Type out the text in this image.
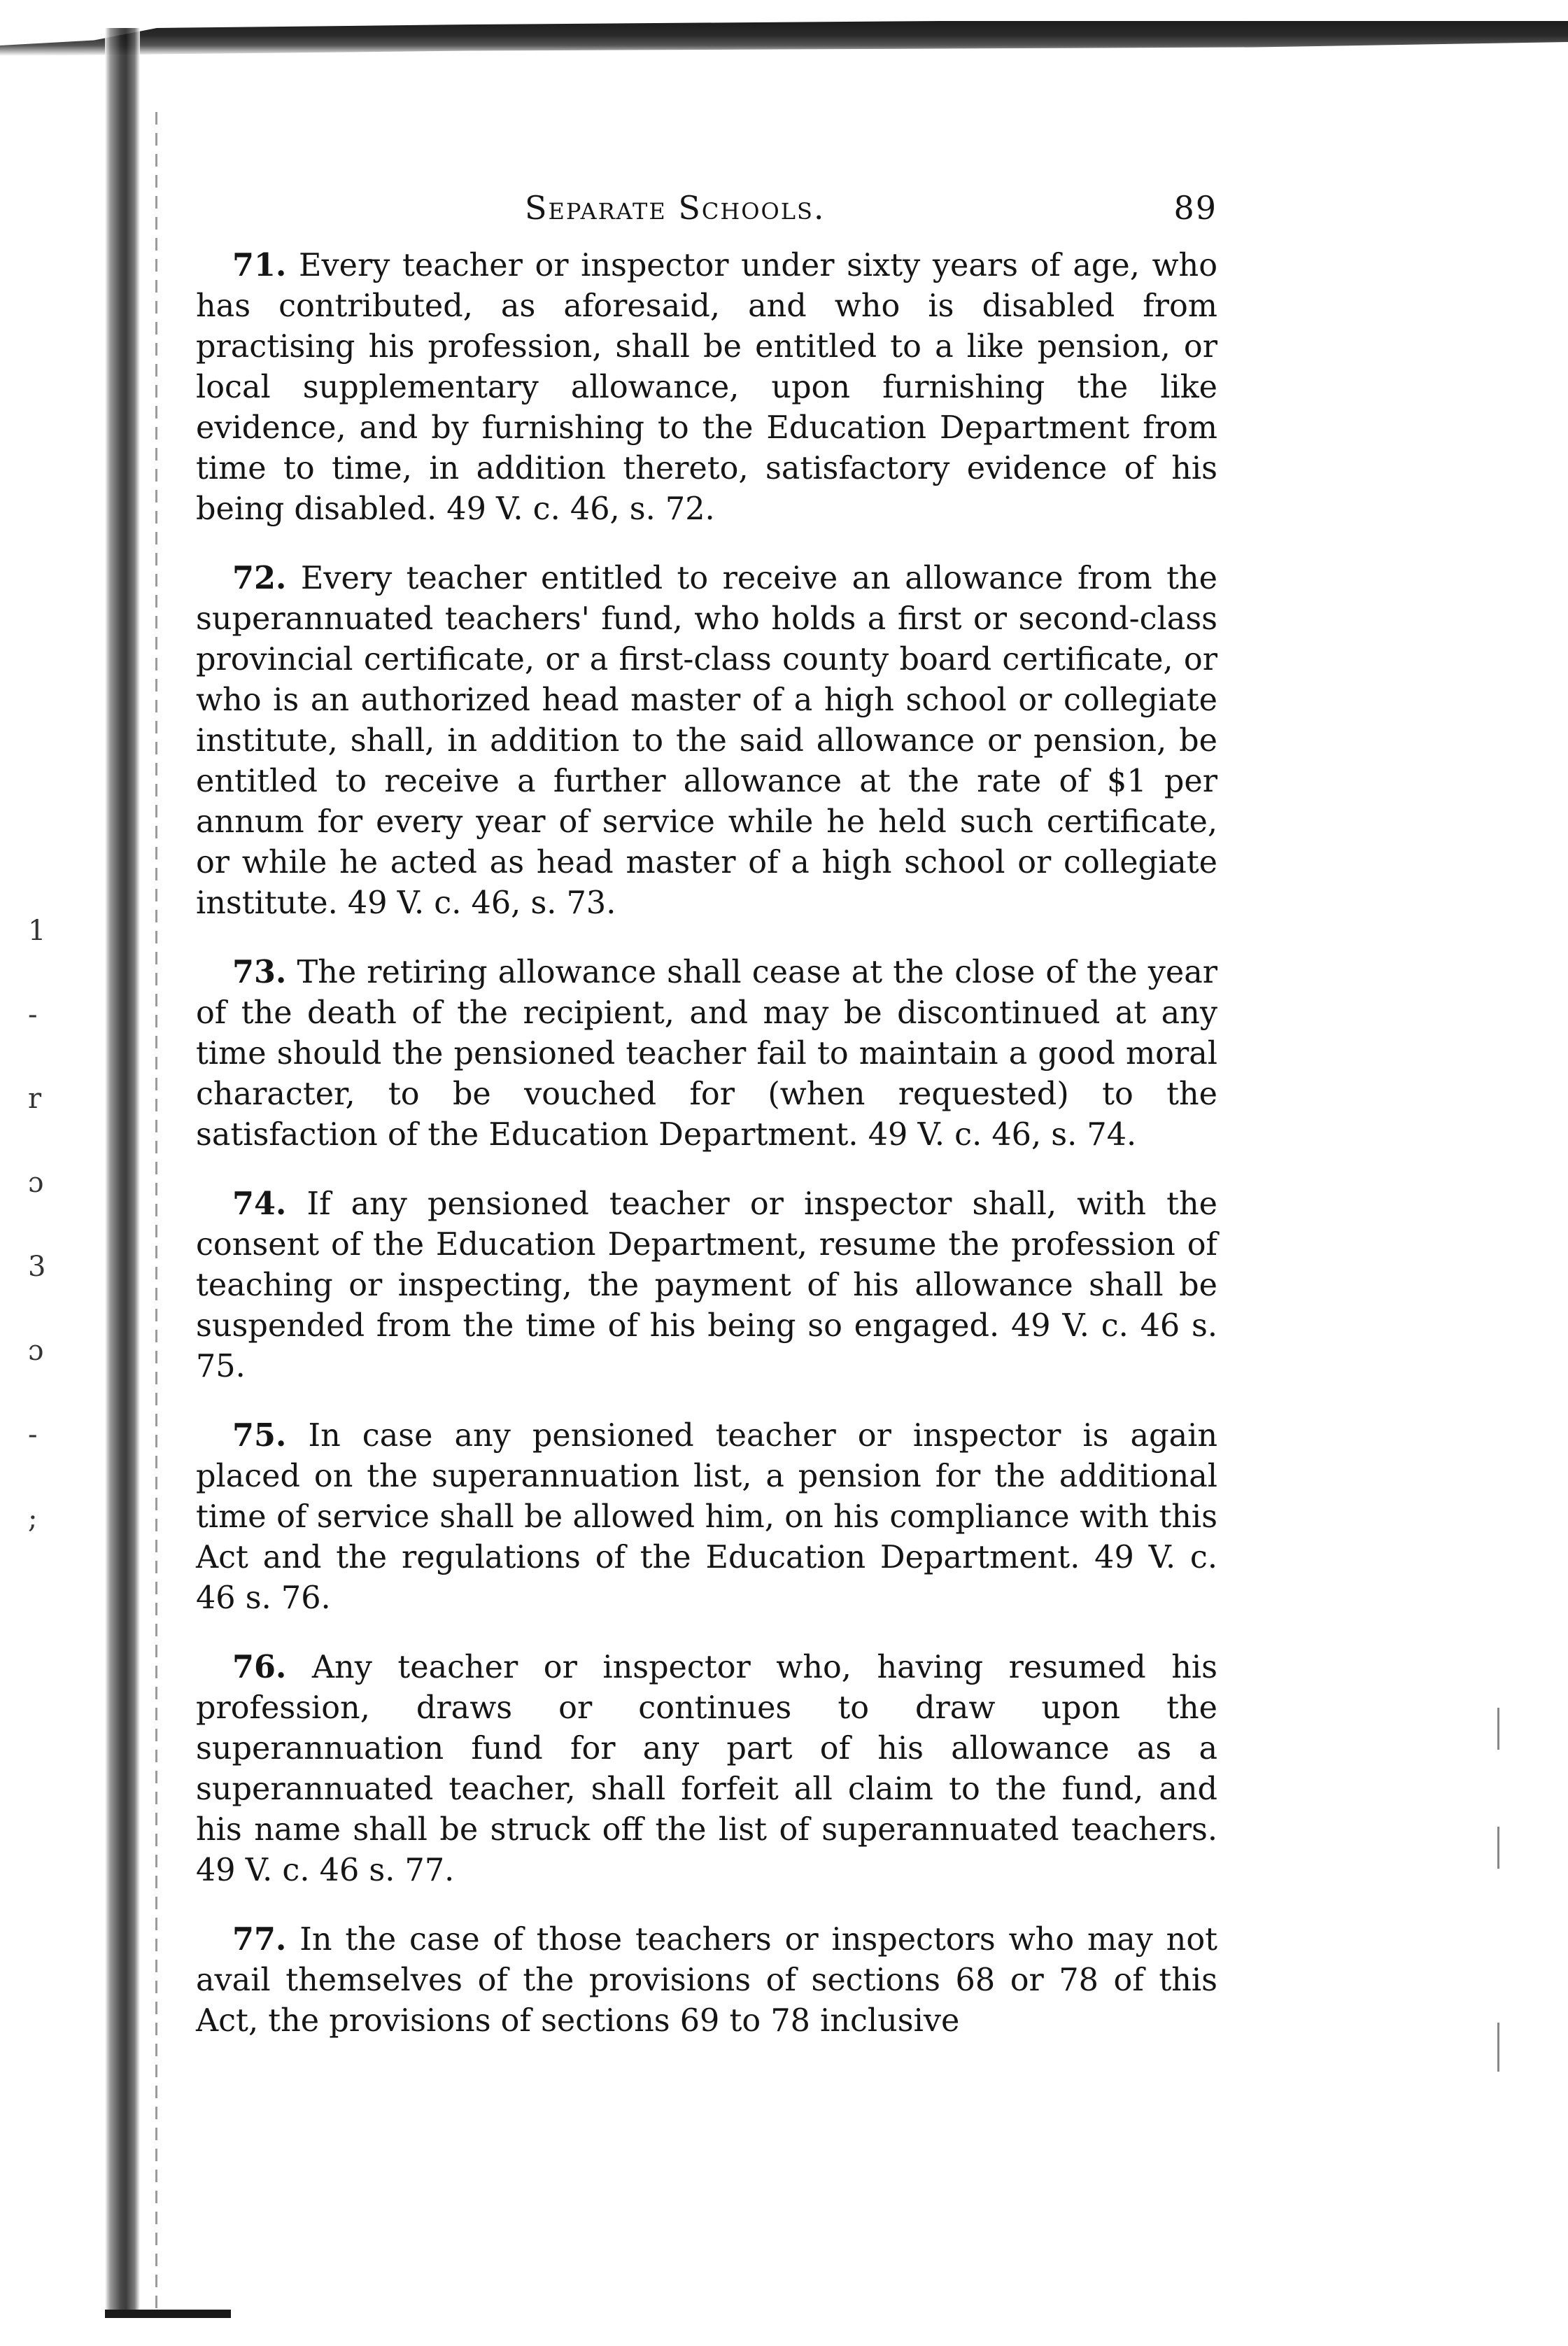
1
-
r
ɔ
3
ɔ
-
;
Separate Schools.	89

71. Every teacher or inspector under sixty years of age, who has contributed, as aforesaid, and who is disabled from practising his profession, shall be entitled to a like pension, or local supplementary allowance, upon furnishing the like evidence, and by furnishing to the Education Department from time to time, in addition thereto, satisfactory evidence of his being disabled. 49 V. c. 46, s. 72.

72. Every teacher entitled to receive an allowance from the superannuated teachers' fund, who holds a first or second-class provincial certificate, or a first-class county board certificate, or who is an authorized head master of a high school or collegiate institute, shall, in addition to the said allowance or pension, be entitled to receive a further allowance at the rate of $1 per annum for every year of service while he held such certificate, or while he acted as head master of a high school or collegiate institute. 49 V. c. 46, s. 73.

73. The retiring allowance shall cease at the close of the year of the death of the recipient, and may be discontinued at any time should the pensioned teacher fail to maintain a good moral character, to be vouched for (when requested) to the satisfaction of the Education Department. 49 V. c. 46, s. 74.

74. If any pensioned teacher or inspector shall, with the consent of the Education Department, resume the profession of teaching or inspecting, the payment of his allowance shall be suspended from the time of his being so engaged. 49 V. c. 46 s. 75.

75. In case any pensioned teacher or inspector is again placed on the superannuation list, a pension for the additional time of service shall be allowed him, on his compliance with this Act and the regulations of the Education Department. 49 V. c. 46 s. 76.

76. Any teacher or inspector who, having resumed his profession, draws or continues to draw upon the superannuation fund for any part of his allowance as a superannuated teacher, shall forfeit all claim to the fund, and his name shall be struck off the list of superannuated teachers. 49 V. c. 46 s. 77.

77. In the case of those teachers or inspectors who may not avail themselves of the provisions of sections 68 or 78 of this Act, the provisions of sections 69 to 78 inclusive
